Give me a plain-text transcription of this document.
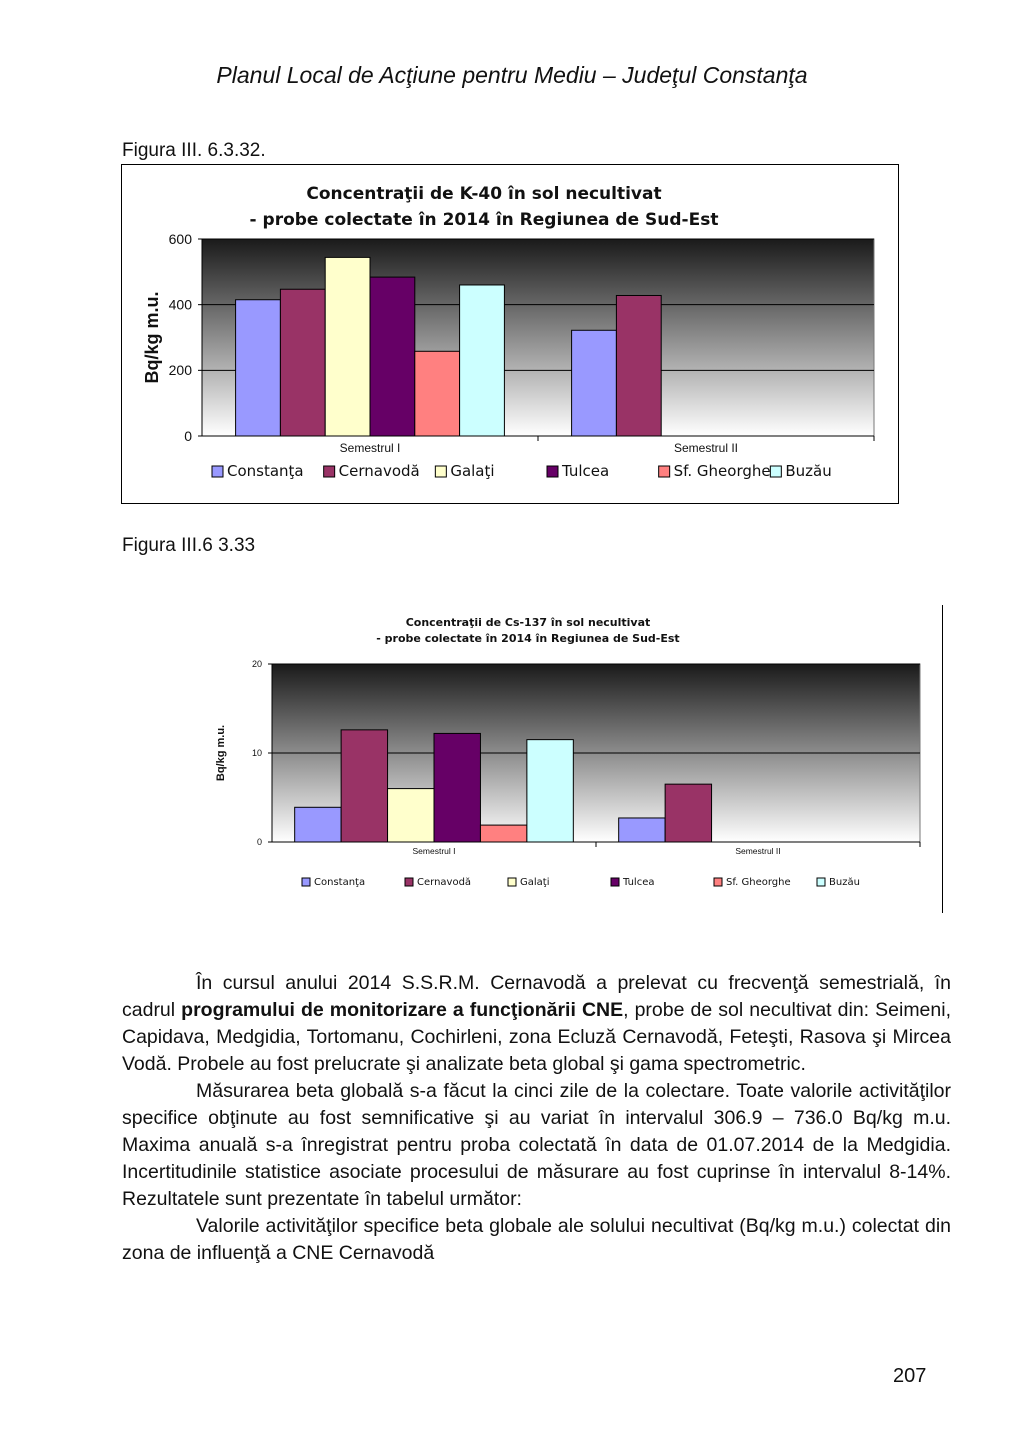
Planul Local de Acţiune pentru Mediu – Judeţul Constanţa
Figura III. 6.3.32.
Concentraţii de K-40 în sol necultivat
- probe colectate în 2014 în Regiunea de Sud-Est
0
200
400
600
Bq/kg m.u.
Semestrul I	Semestrul II
Constanţa Cernavodă Galaţi	Tulcea	Sf. Gheorghe Buzău
Figura III.6 3.33
Concentraţii de Cs-137 în sol necultivat
- probe colectate în 2014 în Regiunea de Sud-Est
0
10
20
Bq/kg m.u.
Semestrul I	Semestrul II
Constanţa	Cernavodă	Galaţi	Tulcea	Sf. Gheorghe	Buzău

În cursul anului 2014 S.S.R.M. Cernavodă a prelevat cu frecvenţă semestrială, în cadrul programului de monitorizare a funcţionării CNE, probe de sol necultivat din: Seimeni, Capidava, Medgidia, Tortomanu, Cochirleni, zona Ecluză Cernavodă, Feteşti, Rasova şi Mircea Vodă. Probele au fost prelucrate şi analizate beta global şi gama spectrometric.

Măsurarea beta globală s-a făcut la cinci zile de la colectare. Toate valorile activităţilor specifice obţinute au fost semnificative şi au variat în intervalul 306.9 – 736.0 Bq/kg m.u. Maxima anuală s-a înregistrat pentru proba colectată în data de 01.07.2014 de la Medgidia. Incertitudinile statistice asociate procesului de măsurare au fost cuprinse în intervalul 8-14%. Rezultatele sunt prezentate în tabelul următor:

Valorile activităţilor specifice beta globale ale solului necultivat (Bq/kg m.u.) colectat din zona de influenţă a CNE Cernavodă

207
